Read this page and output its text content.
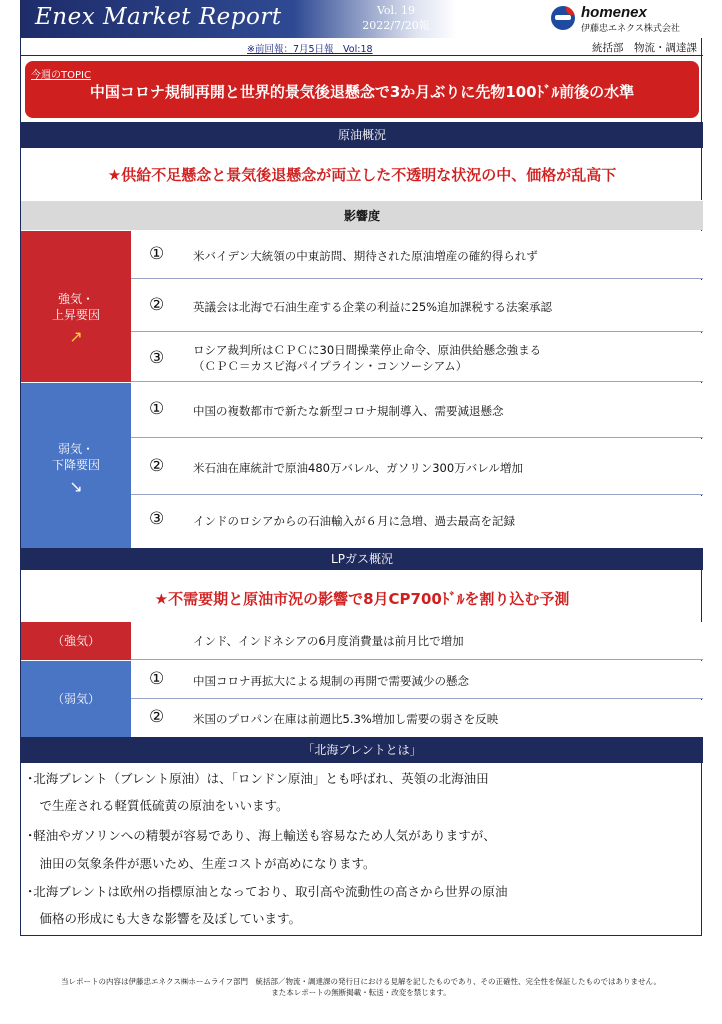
Enex Market Report	Vol. 19
2022/7/20報
homenex
伊藤忠エネクス株式会社
※前回報：7月5日報　Vol:18	統括部　物流・調達課
今週のTOPIC
中国コロナ規制再開と世界的景気後退懸念で3か月ぶりに先物100ﾄﾞﾙ前後の水準
原油概況
★供給不足懸念と景気後退懸念が両立した不透明な状況の中、価格が乱高下
影響度
強気・
上昇要因
↗
①	米バイデン大統領の中東訪問、期待された原油増産の確約得られず
②	英議会は北海で石油生産する企業の利益に25%追加課税する法案承認
③	ロシア裁判所はＣＰＣに30日間操業停止命令、原油供給懸念強まる
（ＣＰＣ＝カスピ海パイプライン・コンソーシアム）
弱気・
下降要因
↘
①	中国の複数都市で新たな新型コロナ規制導入、需要減退懸念
②	米石油在庫統計で原油480万バレル、ガソリン300万バレル増加
③	インドのロシアからの石油輸入が６月に急増、過去最高を記録
LPガス概況
★不需要期と原油市況の影響で8月CP700ﾄﾞﾙを割り込む予測
（強気）	インド、インドネシアの6月度消費量は前月比で増加
（弱気）
①	中国コロナ再拡大による規制の再開で需要減少の懸念
②	米国のプロパン在庫は前週比5.3%増加し需要の弱さを反映
「北海ブレントとは」
･北海ブレント（ブレント原油）は、「ロンドン原油」とも呼ばれ、英領の北海油田
　で生産される軽質低硫黄の原油をいいます。
･軽油やガソリンへの精製が容易であり、海上輸送も容易なため人気がありますが、
　油田の気象条件が悪いため、生産コストが高めになります。
･北海ブレントは欧州の指標原油となっており、取引高や流動性の高さから世界の原油
　価格の形成にも大きな影響を及ぼしています。
当レポートの内容は伊藤忠エネクス㈱ホームライフ部門　統括部／物流・調達課の発行日における見解を記したものであり、その正確性、完全性を保証したものではありません。
また本レポートの無断掲載・転送・改変を禁じます。
